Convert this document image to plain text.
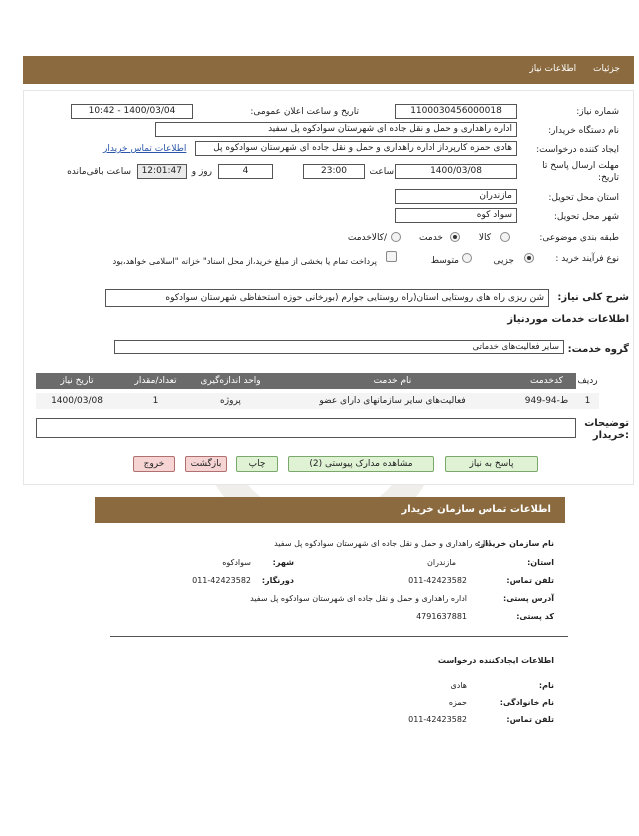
جزئیات اطلاعات نیاز
شماره نیاز:
1100030456000018
تاریخ و ساعت اعلان عمومی:
1400/03/04 - 10:42
نام دستگاه خریدار:
اداره راهداری و حمل و نقل جاده ای شهرستان سوادکوه پل سفید
ایجاد کننده درخواست:
هادی حمزه کارپرداز اداره راهداری و حمل و نقل جاده ای شهرستان سوادکوه پل
اطلاعات تماس خریدار
مهلت ارسال پاسخ تا
تاریخ:
1400/03/08
ساعت
23:00
4
روز و
12:01:47
ساعت باقی‌مانده
استان محل تحویل:
مازندران
شهر محل تحویل:
سواد کوه
طبقه بندی موضوعی:
کالا
خدمت
/کالاخدمت
نوع فرآیند خرید :
جزیی
متوسط
پرداخت تمام یا بخشی از مبلغ خرید،از محل اسناد" خزانه "اسلامی خواهد،بود
شرح کلی نیاز:
شن ریزی راه های روستایی استان(راه روستایی جوارم (بورخانی حوزه استحفاظی شهرستان سوادکوه
اطلاعات خدمات موردنیاز
گروه خدمت:
سایر فعالیت‌های خدماتی
ردیف
کدخدمت
نام خدمت
واحد اندازه‌گیری
تعداد/مقدار
تاریخ نیاز
1
ط-94-949
فعالیت‌های سایر سازمانهای دارای عضو
پروژه
1
1400/03/08
توضیحات
:خریدار
پاسخ به نیاز
مشاهده مدارک پیوستی (2)
چاپ
بازگشت
خروج
اطلاعات تماس سازمان خریدار
نام سازمان خریدار:
اداره راهداری و حمل و نقل جاده ای شهرستان سوادکوه پل سفید
استان:
مازندران
شهر:
سوادکوه
تلفن تماس:
011-42423582
دورنگار:
011-42423582
آدرس پستی:
اداره راهداری و حمل و نقل جاده ای شهرستان سوادکوه پل سفید
کد پستی:
4791637881
اطلاعات ایجادکننده درخواست
نام:
هادی
نام خانوادگی:
حمزه
تلفن تماس:
011-42423582
